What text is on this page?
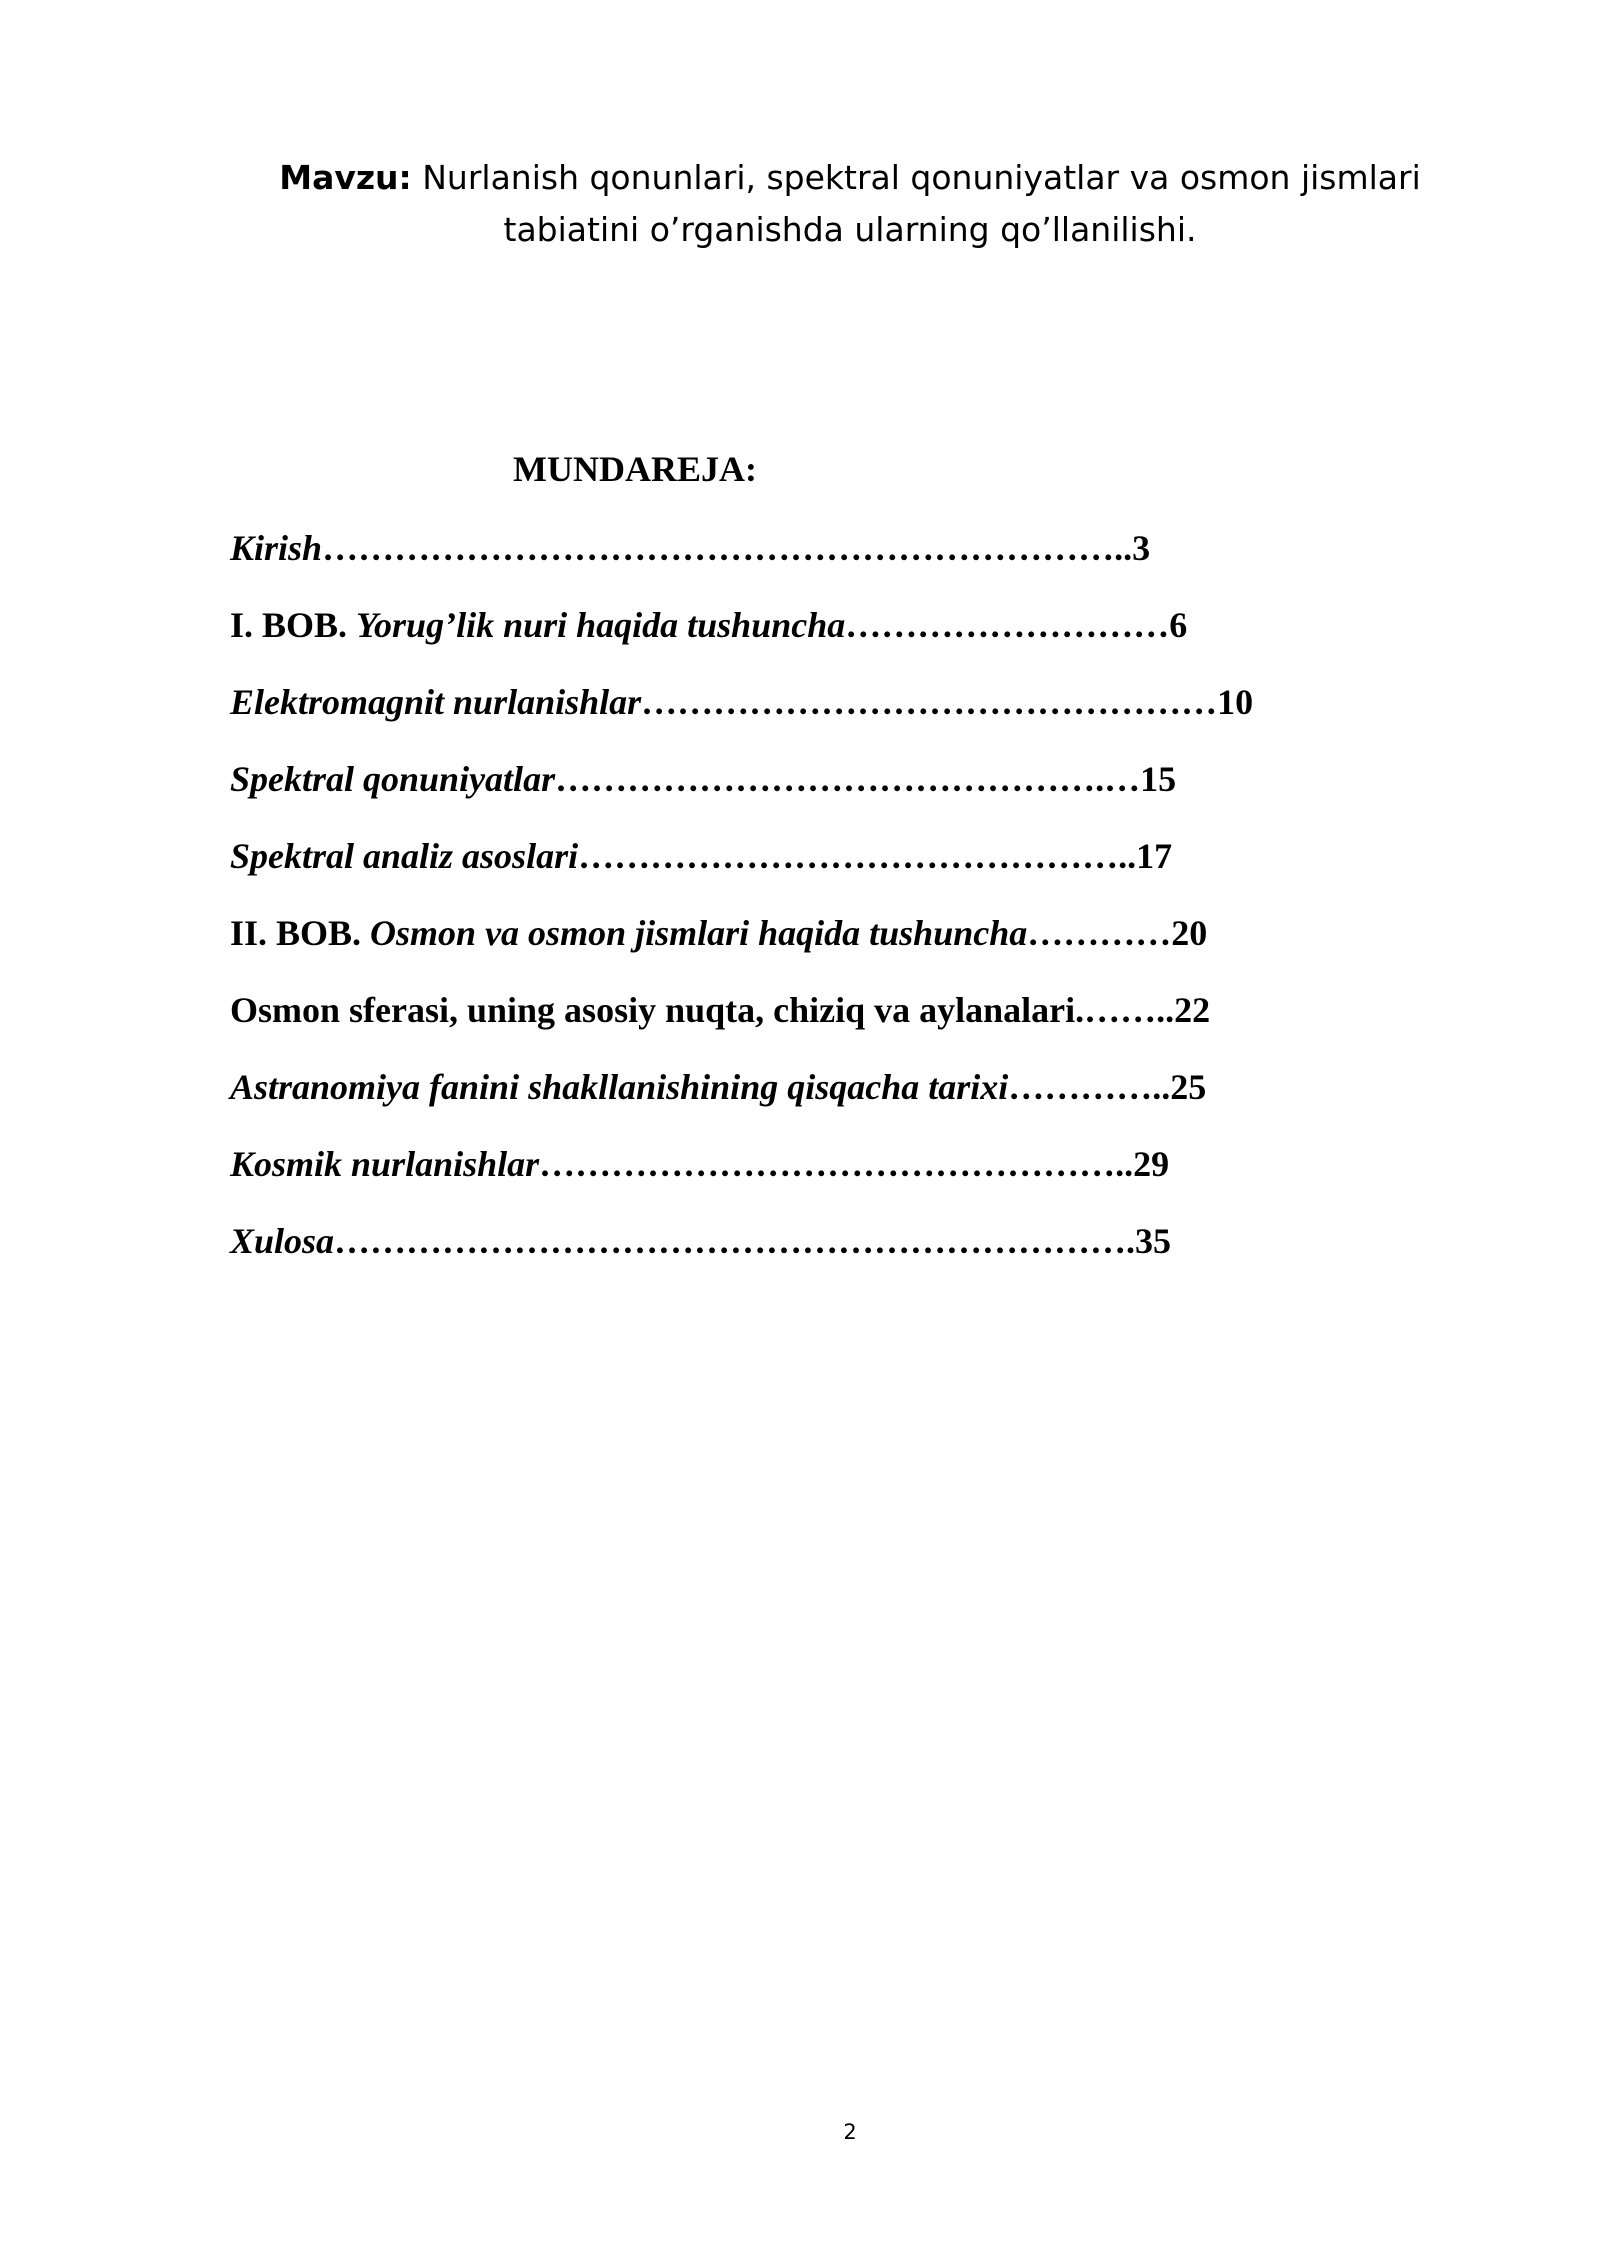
Mavzu: Nurlanish qonunlari, spektral qonuniyatlar va osmon jismlari tabiatini o’rganishda ularning qo’llanilishi.
MUNDAREJA:
Kirish…………………………………………………………..3
I. BOB. Yorug’lik nuri haqida tushuncha………………………6
Elektromagnit nurlanishlar…………………………………………10
Spektral qonuniyatlar……………………………………….…15
Spektral analiz asoslari………………………………………..17
II. BOB. Osmon va osmon jismlari haqida tushuncha…………20
Osmon sferasi, uning asosiy nuqta, chiziq va aylanalari.……..22
Astranomiya fanini shakllanishining qisqacha tarixi…………..25
Kosmik nurlanishlar…………………………………………..29
Xulosa………………………………………………………….35
2
